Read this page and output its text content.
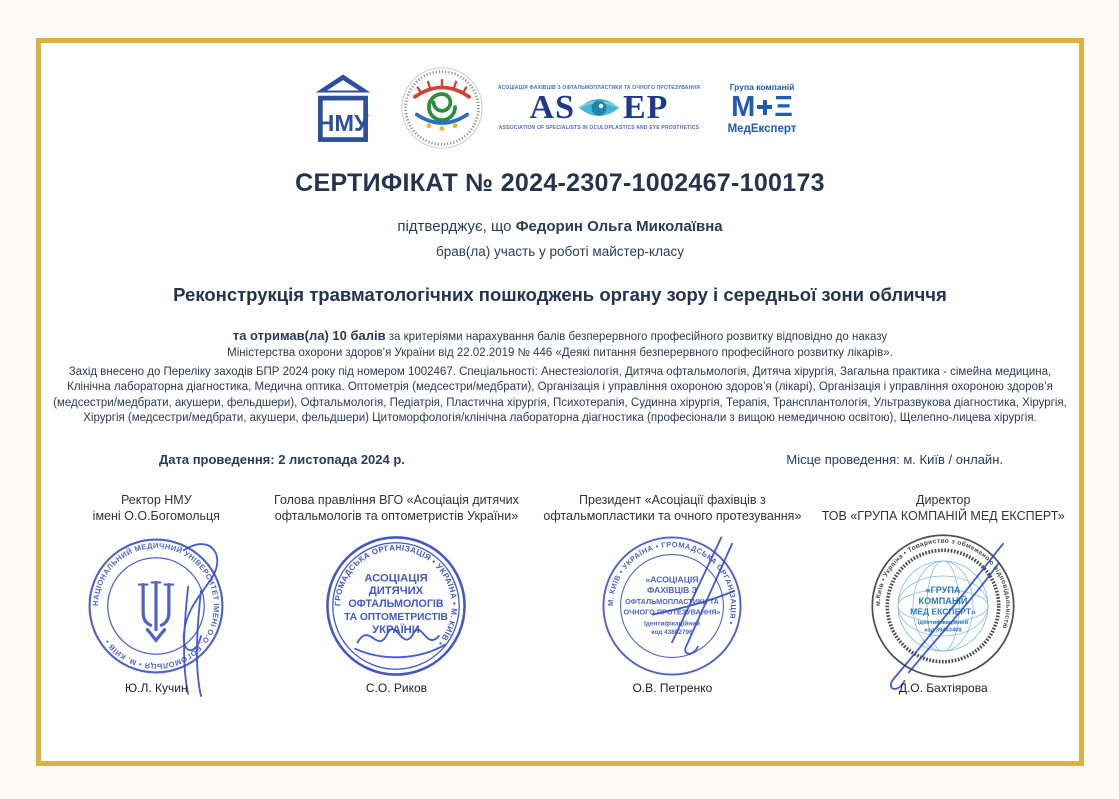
НМУ
АСОЦІАЦІЯ ФАХІВЦІВ З ОФТАЛЬМОПЛАСТИКИ ТА ОЧНОГО ПРОТЕЗУВАННЯ
AS EP
ASSOCIATION OF SPECIALISTS IN OCULOPLASTICS AND EYE PROSTHETICS
Група компаній
М Ξ
МедЕксперт
СЕРТИФІКАТ № 2024-2307-1002467-100173

підтверджує, що Федорин Ольга Миколаївна

брав(ла) участь у роботі майстер-класу

Реконструкція травматологічних пошкоджень органу зору і середньої зони обличчя

та отримав(ла) 10 балів за критеріями нарахування балів безперервного професійного розвитку відповідно до наказу Міністерства охорони здоров’я України від 22.02.2019 № 446 «Деякі питання безперервного професійного розвитку лікарів».

Захід внесено до Переліку заходів БПР 2024 року під номером 1002467. Спеціальності: Анестезіологія, Дитяча офтальмологія, Дитяча хірургія, Загальна практика - сімейна медицина, Клінічна лабораторна діагностика, Медична оптика. Оптометрія (медсестри/медбрати), Організація і управління охороною здоров’я (лікарі), Організація і управління охороною здоров’я (медсестри/медбрати, акушери, фельдшери), Офтальмологія, Педіатрія, Пластична хірургія, Психотерапія, Судинна хірургія, Терапія, Трансплантологія, Ультразвукова діагностика, Хірургія, Хірургія (медсестри/медбрати, акушери, фельдшери) Цитоморфологія/клінічна лабораторна діагностика (професіонали з вищою немедичною освітою), Щелепно-лицева хірургія.

Дата проведення: 2 листопада 2024 р.	Місце проведення: м. Київ / онлайн.
Ректор НМУ
імені О.О.Богомольця
НАЦІОНАЛЬНИЙ МЕДИЧНИЙ УНІВЕРСИТЕТ ІМЕНІ О.О. БОГОМОЛЬЦЯ • М. КИЇВ •
Ю.Л. Кучин
Голова правління ВГО «Асоціація дитячих
офтальмологів та оптометристів України»
ГРОМАДСЬКА ОРГАНІЗАЦІЯ • УКРАЇНА • М. КИЇВ •
АСОЦІАЦІЯ
ДИТЯЧИХ
ОФТАЛЬМОЛОГІВ
ТА ОПТОМЕТРИСТІВ
УКРАЇНИ
С.О. Риков
Президент «Асоціації фахівців з
офтальмопластики та очного протезування»
М. КИЇВ • УКРАЇНА • ГРОМАДСЬКА ОРГАНІЗАЦІЯ •
«АСОЦІАЦІЯ
ФАХІВЦІВ З
ОФТАЛЬМОПЛАСТИКИ ТА
ОЧНОГО ПРОТЕЗУВАННЯ»
Ідентифікаційний
код 43862796
О.В. Петренко
Директор
ТОВ «ГРУПА КОМПАНІЙ МЕД ЕКСПЕРТ»
м.Київ • Україна • Товариство з обмеженою відповідальністю
«ГРУПА
КОМПАНІЙ
МЕД ЕКСПЕРТ»
ідентифікаційний
код 39443408
Д.О. Бахтіярова
